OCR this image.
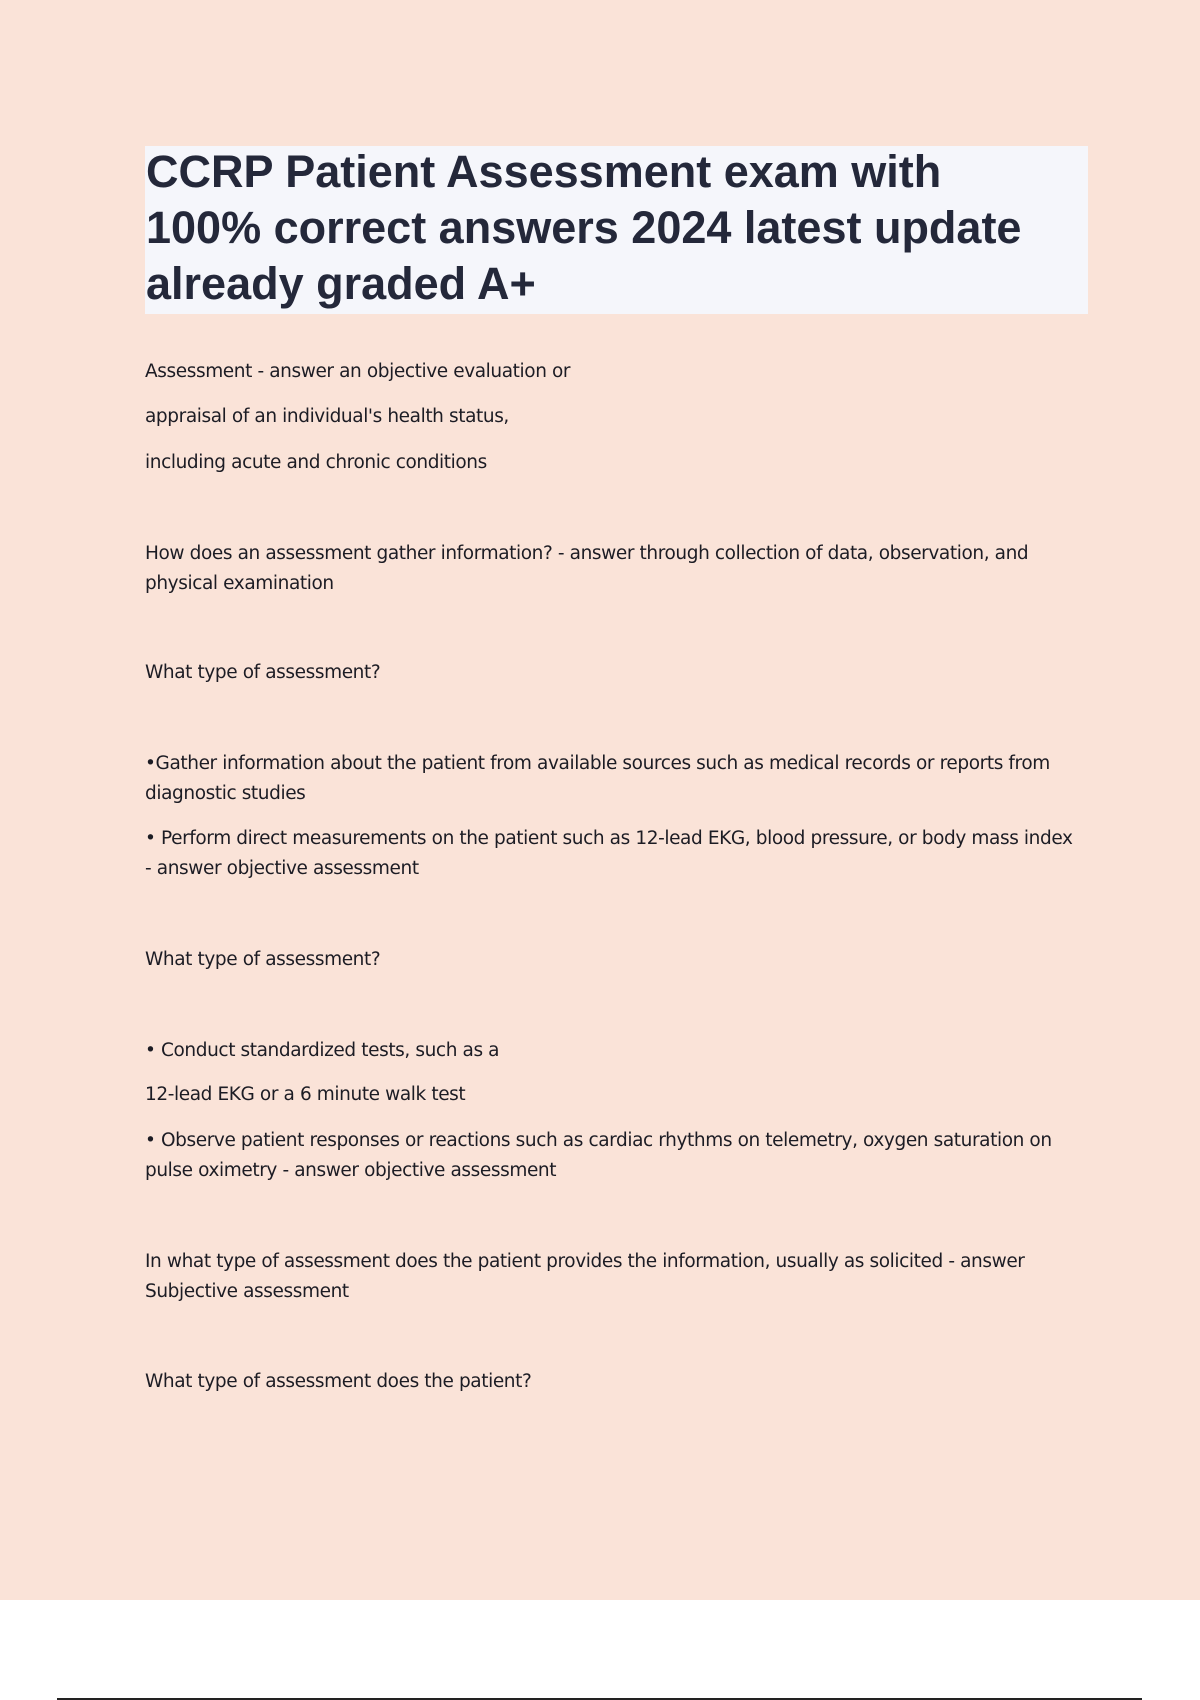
CCRP Patient Assessment exam with
100% correct answers 2024 latest update
already graded A+

Assessment - answer an objective evaluation or

appraisal of an individual's health status,

including acute and chronic conditions

How does an assessment gather information? - answer through collection of data, observation, and
physical examination

What type of assessment?

•Gather information about the patient from available sources such as medical records or reports from
diagnostic studies

• Perform direct measurements on the patient such as 12-lead EKG, blood pressure, or body mass index
- answer objective assessment

What type of assessment?

• Conduct standardized tests, such as a

12-lead EKG or a 6 minute walk test

• Observe patient responses or reactions such as cardiac rhythms on telemetry, oxygen saturation on
pulse oximetry - answer objective assessment

In what type of assessment does the patient provides the information, usually as solicited - answer
Subjective assessment

What type of assessment does the patient?
